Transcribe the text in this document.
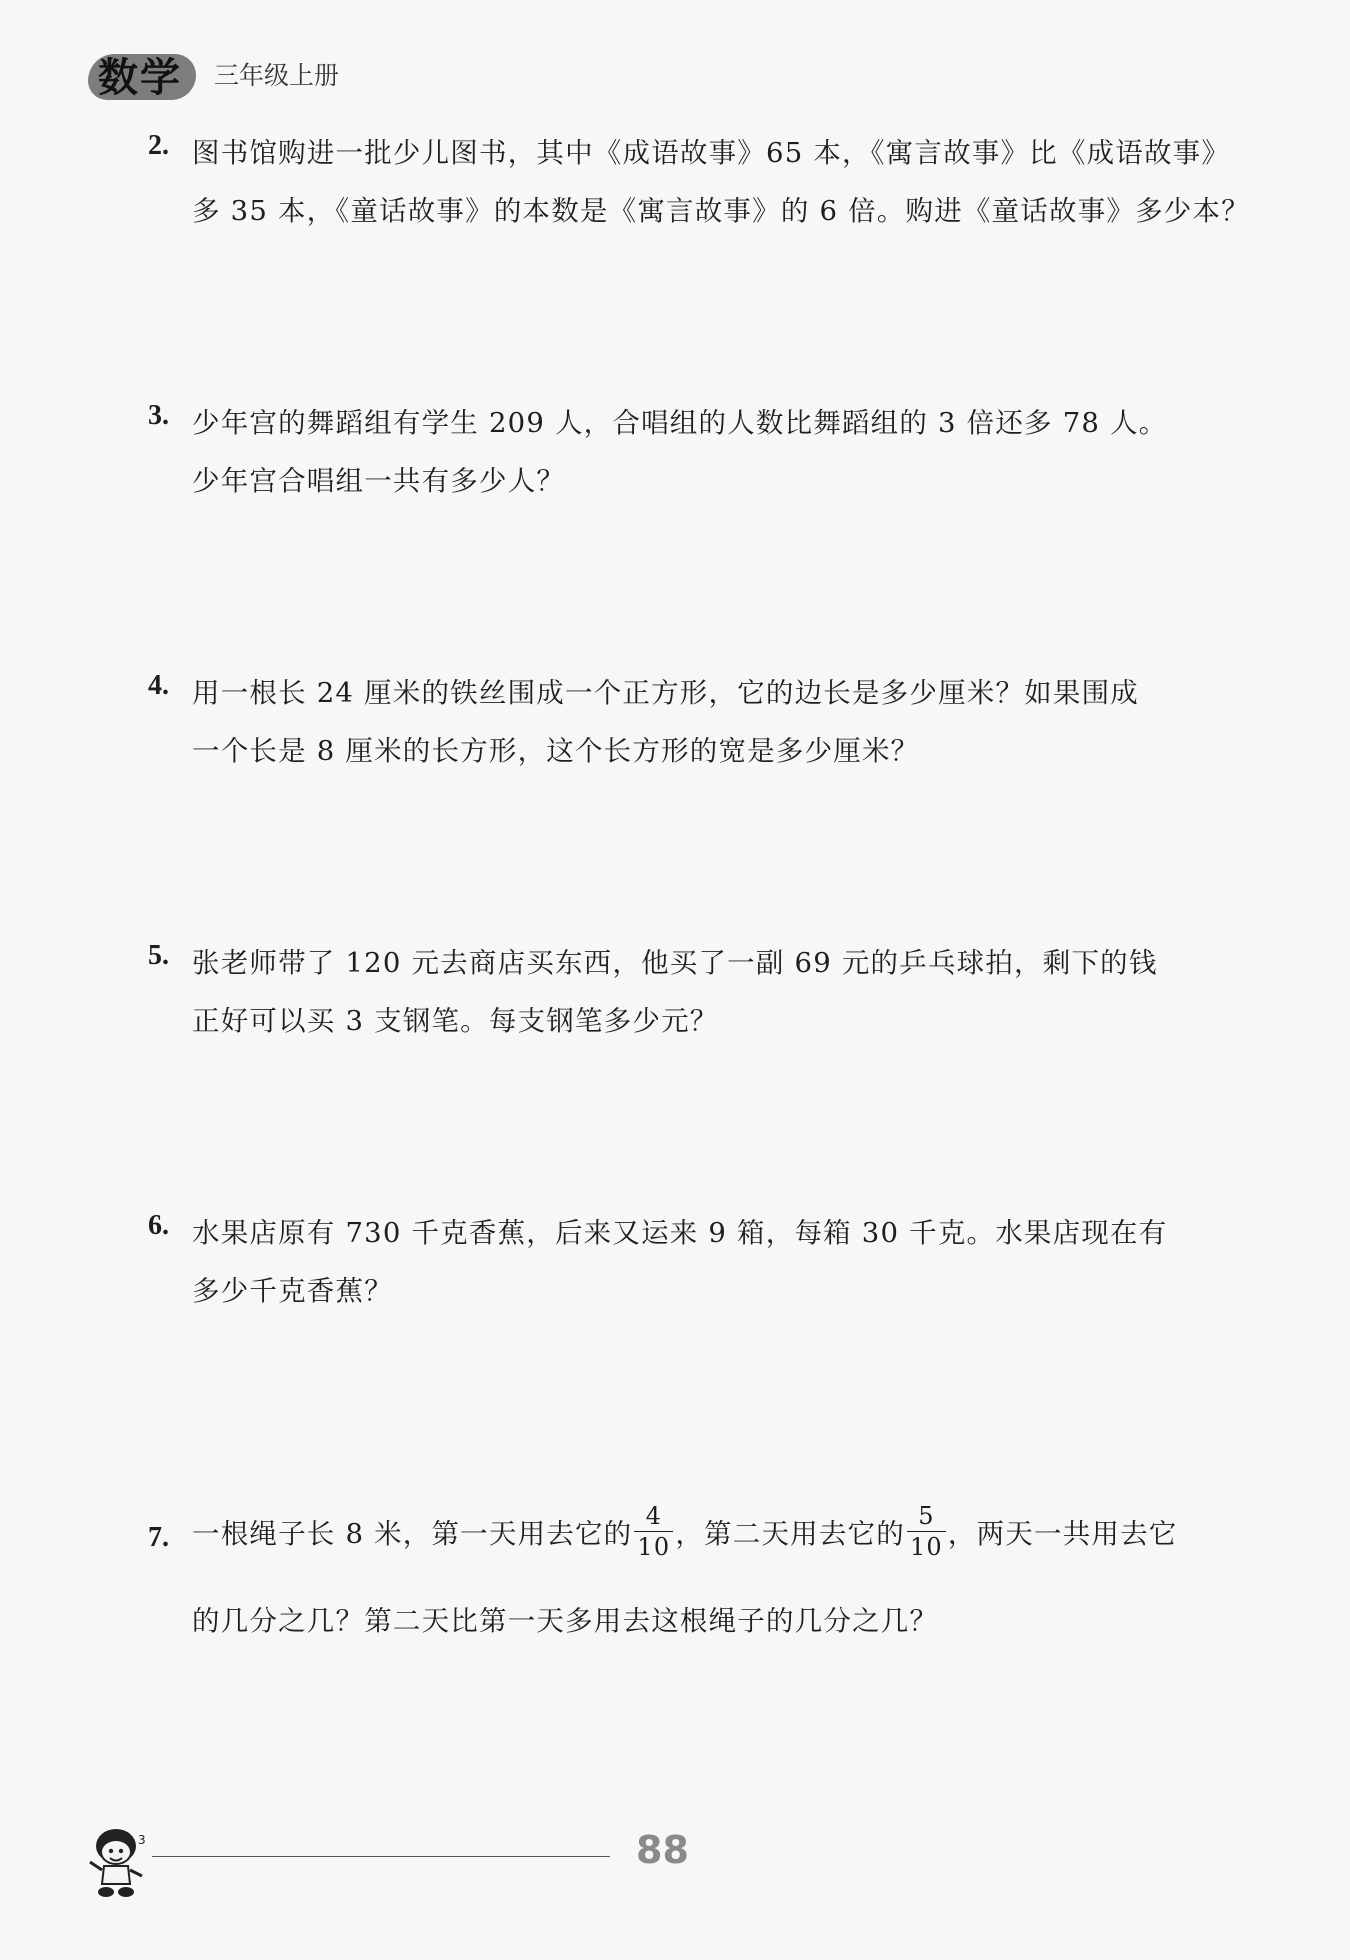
数学 三年级上册
2. 图书馆购进一批少儿图书，其中《成语故事》65 本，《寓言故事》比《成语故事》
多 35 本，《童话故事》的本数是《寓言故事》的 6 倍。购进《童话故事》多少本？
3. 少年宫的舞蹈组有学生 209 人，合唱组的人数比舞蹈组的 3 倍还多 78 人。
少年宫合唱组一共有多少人？
4. 用一根长 24 厘米的铁丝围成一个正方形，它的边长是多少厘米？如果围成
一个长是 8 厘米的长方形，这个长方形的宽是多少厘米？
5. 张老师带了 120 元去商店买东西，他买了一副 69 元的乒乓球拍，剩下的钱
正好可以买 3 支钢笔。每支钢笔多少元？
6. 水果店原有 730 千克香蕉，后来又运来 9 箱，每箱 30 千克。水果店现在有
多少千克香蕉？
7. 一根绳子长 8 米，第一天用去它的 $\frac{4}{10}$ ，第二天用去它的 $\frac{5}{10}$ ，两天一共用去它
的几分之几？第二天比第一天多用去这根绳子的几分之几？
3	88
